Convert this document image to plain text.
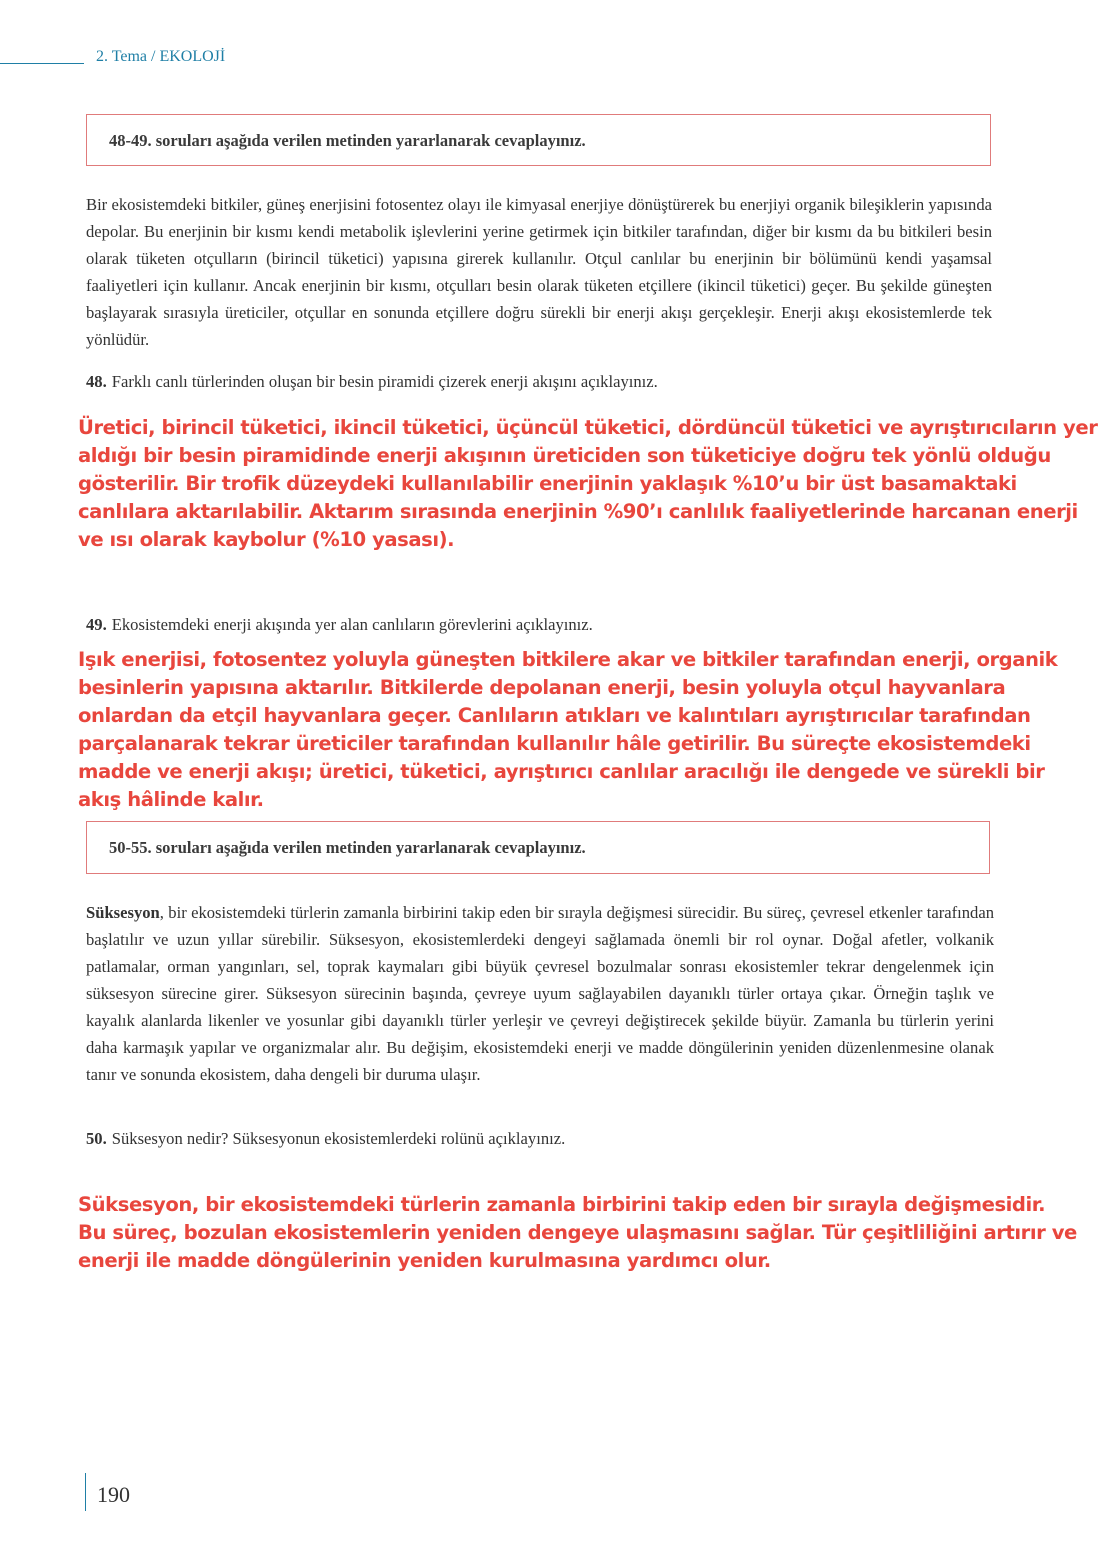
2. Tema / EKOLOJİ
48-49. soruları aşağıda verilen metinden yararlanarak cevaplayınız.
Bir ekosistemdeki bitkiler, güneş enerjisini fotosentez olayı ile kimyasal enerjiye dönüştürerek bu enerjiyi organik bileşiklerin yapısında depolar. Bu enerjinin bir kısmı kendi metabolik işlevlerini yerine getirmek için bitkiler tarafından, diğer bir kısmı da bu bitkileri besin olarak tüketen otçulların (birincil tüketici) yapısına girerek kullanılır. Otçul canlılar bu enerjinin bir bölümünü kendi yaşamsal faaliyetleri için kullanır. Ancak enerjinin bir kısmı, otçulları besin olarak tüketen etçillere (ikincil tüketici) geçer. Bu şekilde güneşten başlayarak sırasıyla üreticiler, otçullar en sonunda etçillere doğru sürekli bir enerji akışı gerçekleşir. Enerji akışı ekosistemlerde tek yönlüdür.
48. Farklı canlı türlerinden oluşan bir besin piramidi çizerek enerji akışını açıklayınız.
Üretici, birincil tüketici, ikincil tüketici, üçüncül tüketici, dördüncül tüketici ve ayrıştırıcıların yer aldığı bir besin piramidinde enerji akışının üreticiden son tüketiciye doğru tek yönlü olduğu gösterilir. Bir trofik düzeydeki kullanılabilir enerjinin yaklaşık %10’u bir üst basamaktaki canlılara aktarılabilir. Aktarım sırasında enerjinin %90’ı canlılık faaliyetlerinde harcanan enerji ve ısı olarak kaybolur (%10 yasası).
49. Ekosistemdeki enerji akışında yer alan canlıların görevlerini açıklayınız.
Işık enerjisi, fotosentez yoluyla güneşten bitkilere akar ve bitkiler tarafından enerji, organik besinlerin yapısına aktarılır. Bitkilerde depolanan enerji, besin yoluyla otçul hayvanlara onlardan da etçil hayvanlara geçer. Canlıların atıkları ve kalıntıları ayrıştırıcılar tarafından parçalanarak tekrar üreticiler tarafından kullanılır hâle getirilir. Bu süreçte ekosistemdeki madde ve enerji akışı; üretici, tüketici, ayrıştırıcı canlılar aracılığı ile dengede ve sürekli bir akış hâlinde kalır.
50-55. soruları aşağıda verilen metinden yararlanarak cevaplayınız.
Süksesyon, bir ekosistemdeki türlerin zamanla birbirini takip eden bir sırayla değişmesi sürecidir. Bu süreç, çevresel etkenler tarafından başlatılır ve uzun yıllar sürebilir. Süksesyon, ekosistemlerdeki dengeyi sağlamada önemli bir rol oynar. Doğal afetler, volkanik patlamalar, orman yangınları, sel, toprak kaymaları gibi büyük çevresel bozulmalar sonrası ekosistemler tekrar dengelenmek için süksesyon sürecine girer. Süksesyon sürecinin başında, çevreye uyum sağlayabilen dayanıklı türler ortaya çıkar. Örneğin taşlık ve kayalık alanlarda likenler ve yosunlar gibi dayanıklı türler yerleşir ve çevreyi değiştirecek şekilde büyür. Zamanla bu türlerin yerini daha karmaşık yapılar ve organizmalar alır. Bu değişim, ekosistemdeki enerji ve madde döngülerinin yeniden düzenlenmesine olanak tanır ve sonunda ekosistem, daha dengeli bir duruma ulaşır.
50. Süksesyon nedir? Süksesyonun ekosistemlerdeki rolünü açıklayınız.
Süksesyon, bir ekosistemdeki türlerin zamanla birbirini takip eden bir sırayla değişmesidir. Bu süreç, bozulan ekosistemlerin yeniden dengeye ulaşmasını sağlar. Tür çeşitliliğini artırır ve enerji ile madde döngülerinin yeniden kurulmasına yardımcı olur.
190
